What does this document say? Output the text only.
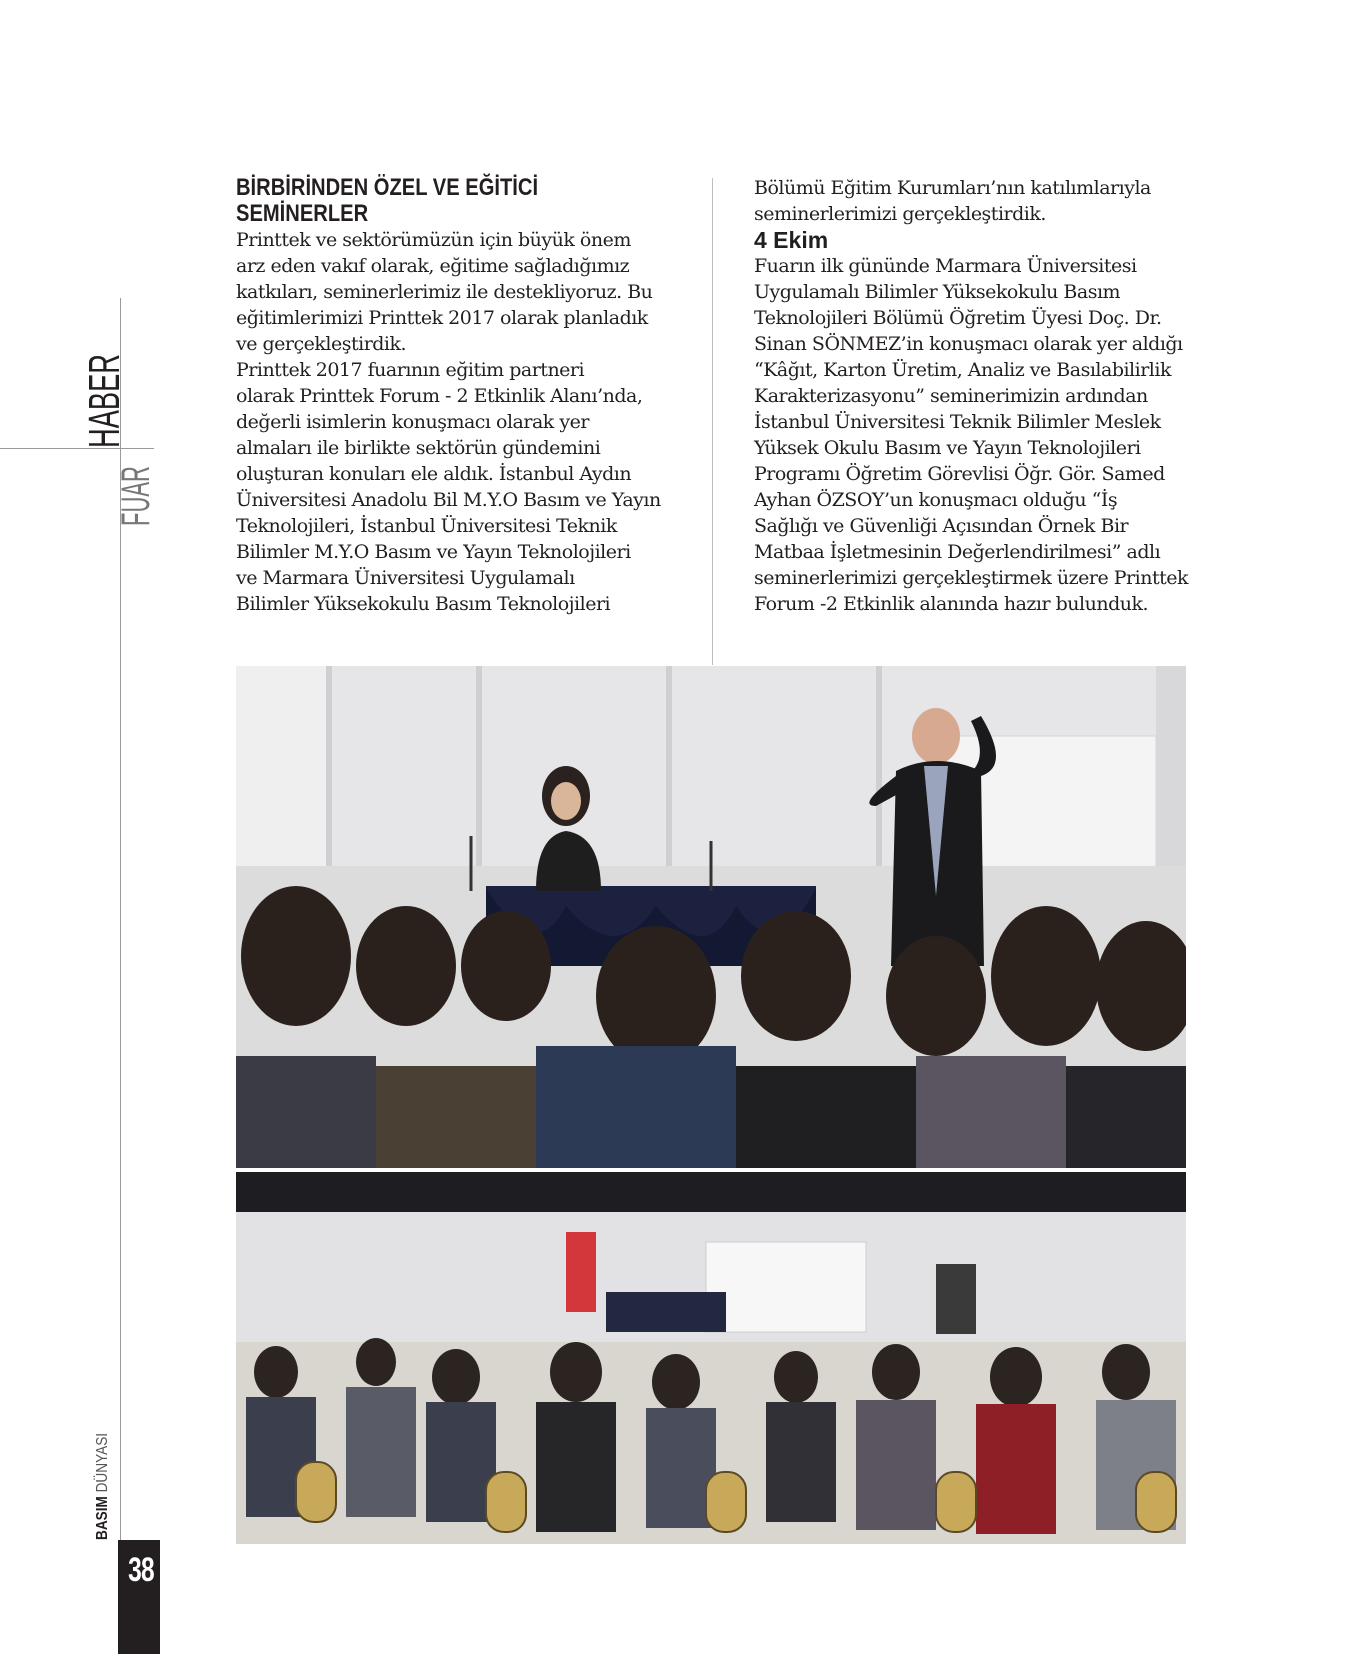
HABER
FUAR
BASIM DÜNYASI
38
BİRBİRİNDEN ÖZEL VE EĞİTİCİ
SEMİNERLER

Printtek ve sektörümüzün için büyük önem
arz eden vakıf olarak, eğitime sağladığımız
katkıları, seminerlerimiz ile destekliyoruz. Bu
eğitimlerimizi Printtek 2017 olarak planladık
ve gerçekleştirdik.

Printtek 2017 fuarının eğitim partneri
olarak Printtek Forum - 2 Etkinlik Alanı’nda,
değerli isimlerin konuşmacı olarak yer
almaları ile birlikte sektörün gündemini
oluşturan konuları ele aldık. İstanbul Aydın
Üniversitesi Anadolu Bil M.Y.O Basım ve Yayın
Teknolojileri, İstanbul Üniversitesi Teknik
Bilimler M.Y.O Basım ve Yayın Teknolojileri
ve Marmara Üniversitesi Uygulamalı
Bilimler Yüksekokulu Basım Teknolojileri

Bölümü Eğitim Kurumları’nın katılımlarıyla
seminerlerimizi gerçekleştirdik.

4 Ekim

Fuarın ilk gününde Marmara Üniversitesi
Uygulamalı Bilimler Yüksekokulu Basım
Teknolojileri Bölümü Öğretim Üyesi Doç. Dr.
Sinan SÖNMEZ’in konuşmacı olarak yer aldığı
“Kâğıt, Karton Üretim, Analiz ve Basılabilirlik
Karakterizasyonu” seminerimizin ardından
İstanbul Üniversitesi Teknik Bilimler Meslek
Yüksek Okulu Basım ve Yayın Teknolojileri
Programı Öğretim Görevlisi Öğr. Gör. Samed
Ayhan ÖZSOY’un konuşmacı olduğu “İş
Sağlığı ve Güvenliği Açısından Örnek Bir
Matbaa İşletmesinin Değerlendirilmesi” adlı
seminerlerimizi gerçekleştirmek üzere Printtek
Forum -2 Etkinlik alanında hazır bulunduk.
